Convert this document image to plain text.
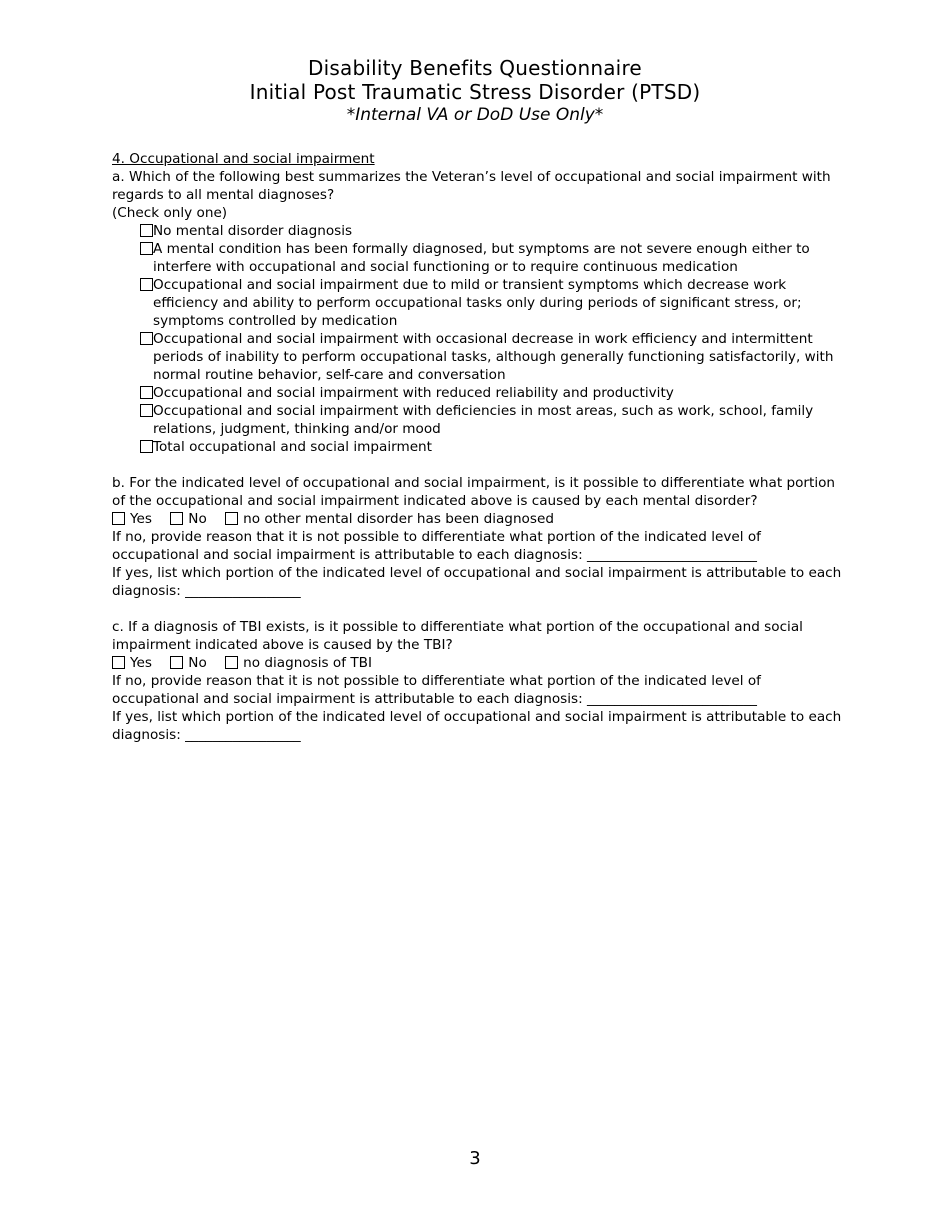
Disability Benefits Questionnaire
Initial Post Traumatic Stress Disorder (PTSD)
*Internal VA or DoD Use Only*

4. Occupational and social impairment

a. Which of the following best summarizes the Veteran’s level of occupational and social impairment with regards to all mental diagnoses?

(Check only one)

No mental disorder diagnosis
A mental condition has been formally diagnosed, but symptoms are not severe enough either to interfere with occupational and social functioning or to require continuous medication
Occupational and social impairment due to mild or transient symptoms which decrease work efficiency and ability to perform occupational tasks only during periods of significant stress, or; symptoms controlled by medication
Occupational and social impairment with occasional decrease in work efficiency and intermittent periods of inability to perform occupational tasks, although generally functioning satisfactorily, with normal routine behavior, self-care and conversation
Occupational and social impairment with reduced reliability and productivity
Occupational and social impairment with deficiencies in most areas, such as work, school, family relations, judgment, thinking and/or mood
Total occupational and social impairment

b. For the indicated level of occupational and social impairment, is it possible to differentiate what portion of the occupational and social impairment indicated above is caused by each mental disorder?

Yes	No	no other mental disorder has been diagnosed

If no, provide reason that it is not possible to differentiate what portion of the indicated level of occupational and social impairment is attributable to each diagnosis: _________________________

If yes, list which portion of the indicated level of occupational and social impairment is attributable to each diagnosis: _________________

c. If a diagnosis of TBI exists, is it possible to differentiate what portion of the occupational and social impairment indicated above is caused by the TBI?

Yes	No	no diagnosis of TBI

If no, provide reason that it is not possible to differentiate what portion of the indicated level of occupational and social impairment is attributable to each diagnosis: _________________________

If yes, list which portion of the indicated level of occupational and social impairment is attributable to each diagnosis: _________________

3
